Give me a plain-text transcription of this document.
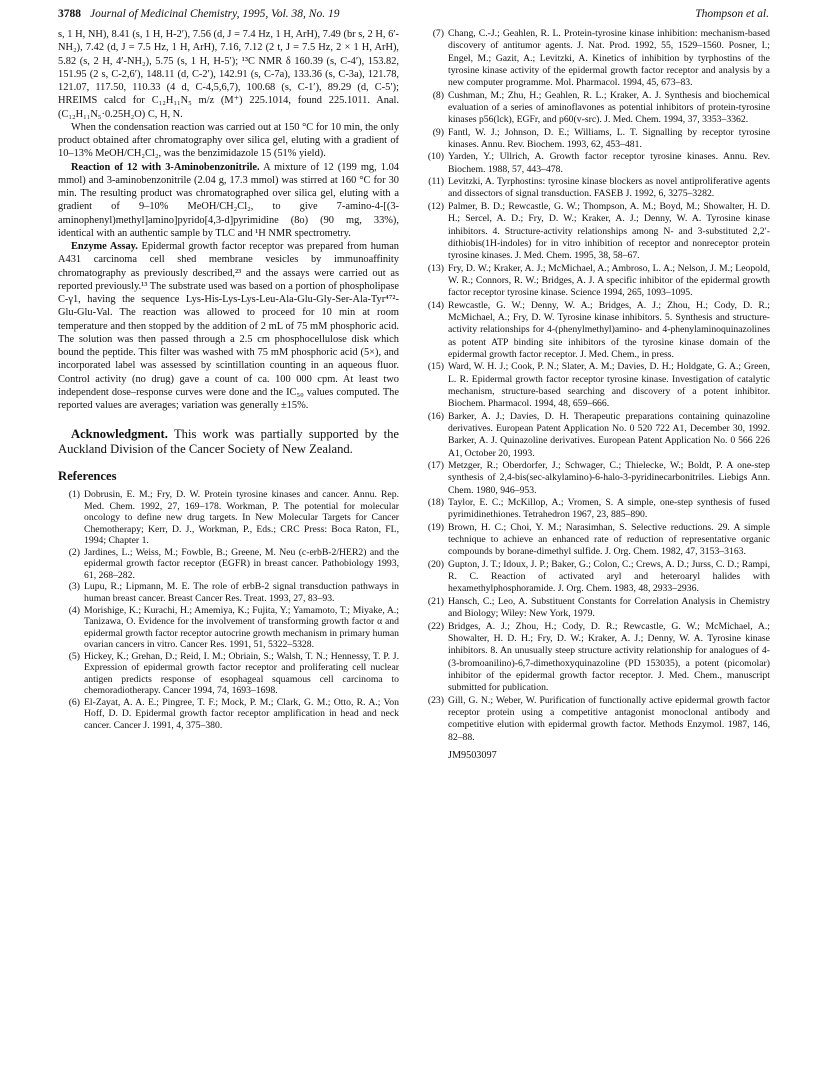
3788 Journal of Medicinal Chemistry, 1995, Vol. 38, No. 19	Thompson et al.

s, 1 H, NH), 8.41 (s, 1 H, H-2′), 7.56 (d, J = 7.4 Hz, 1 H, ArH), 7.49 (br s, 2 H, 6′-NH₂), 7.42 (d, J = 7.5 Hz, 1 H, ArH), 7.16, 7.12 (2 t, J = 7.5 Hz, 2 × 1 H, ArH), 5.82 (s, 2 H, 4′-NH₂), 5.75 (s, 1 H, H-5′); ¹³C NMR δ 160.39 (s, C-4′), 153.82, 151.95 (2 s, C-2,6′), 148.11 (d, C-2′), 142.91 (s, C-7a), 133.36 (s, C-3a), 121.78, 121.07, 117.50, 110.33 (4 d, C-4,5,6,7), 100.68 (s, C-1′), 89.29 (d, C-5′); HREIMS calcd for C₁₂H₁₁N₅ m/z (M⁺) 225.1014, found 225.1011. Anal. (C₁₂H₁₁N₅·0.25H₂O) C, H, N.

When the condensation reaction was carried out at 150 °C for 10 min, the only product obtained after chromatography over silica gel, eluting with a gradient of 10–13% MeOH/CH₂Cl₂, was the benzimidazole 15 (51% yield).

Reaction of 12 with 3-Aminobenzonitrile. A mixture of 12 (199 mg, 1.04 mmol) and 3-aminobenzonitrile (2.04 g, 17.3 mmol) was stirred at 160 °C for 30 min. The resulting product was chromatographed over silica gel, eluting with a gradient of 9–10% MeOH/CH₂Cl₂, to give 7-amino-4-[(3-aminophenyl)methyl]amino]pyrido[4,3-d]pyrimidine (8o) (90 mg, 33%), identical with an authentic sample by TLC and ¹H NMR spectrometry.

Enzyme Assay. Epidermal growth factor receptor was prepared from human A431 carcinoma cell shed membrane vesicles by immunoaffinity chromatography as previously described,²³ and the assays were carried out as reported previously.¹³ The substrate used was based on a portion of phospholipase C-γ1, having the sequence Lys-His-Lys-Lys-Leu-Ala-Glu-Gly-Ser-Ala-Tyr⁴⁷²-Glu-Glu-Val. The reaction was allowed to proceed for 10 min at room temperature and then stopped by the addition of 2 mL of 75 mM phosphoric acid. The solution was then passed through a 2.5 cm phosphocellulose disk which bound the peptide. This filter was washed with 75 mM phosphoric acid (5×), and incorporated label was assessed by scintillation counting in an aqueous fluor. Control activity (no drug) gave a count of ca. 100 000 cpm. At least two independent dose–response curves were done and the IC₅₀ values computed. The reported values are averages; variation was generally ±15%.

Acknowledgment. This work was partially supported by the Auckland Division of the Cancer Society of New Zealand.

References
(1) Dobrusin, E. M.; Fry, D. W. Protein tyrosine kinases and cancer. Annu. Rep. Med. Chem. 1992, 27, 169–178. Workman, P. The potential for molecular oncology to define new drug targets. In New Molecular Targets for Cancer Chemotherapy; Kerr, D. J., Workman, P., Eds.; CRC Press: Boca Raton, FL, 1994; Chapter 1.
(2) Jardines, L.; Weiss, M.; Fowble, B.; Greene, M. Neu (c-erbB-2/HER2) and the epidermal growth factor receptor (EGFR) in breast cancer. Pathobiology 1993, 61, 268–282.
(3) Lupu, R.; Lipmann, M. E. The role of erbB-2 signal transduction pathways in human breast cancer. Breast Cancer Res. Treat. 1993, 27, 83–93.
(4) Morishige, K.; Kurachi, H.; Amemiya, K.; Fujita, Y.; Yamamoto, T.; Miyake, A.; Tanizawa, O. Evidence for the involvement of transforming growth factor α and epidermal growth factor receptor autocrine growth mechanism in primary human ovarian cancers in vitro. Cancer Res. 1991, 51, 5322–5328.
(5) Hickey, K.; Grehan, D.; Reid, I. M.; Obriain, S.; Walsh, T. N.; Hennessy, T. P. J. Expression of epidermal growth factor receptor and proliferating cell nuclear antigen predicts response of esophageal squamous cell carcinoma to chemoradiotherapy. Cancer 1994, 74, 1693–1698.
(6) El-Zayat, A. A. E.; Pingree, T. F.; Mock, P. M.; Clark, G. M.; Otto, R. A.; Von Hoff, D. D. Epidermal growth factor receptor amplification in head and neck cancer. Cancer J. 1991, 4, 375–380.
(7) Chang, C.-J.; Geahlen, R. L. Protein-tyrosine kinase inhibition: mechanism-based discovery of antitumor agents. J. Nat. Prod. 1992, 55, 1529–1560. Posner, I.; Engel, M.; Gazit, A.; Levitzki, A. Kinetics of inhibition by tyrphostins of the tyrosine kinase activity of the epidermal growth factor receptor and analysis by a new computer programme. Mol. Pharmacol. 1994, 45, 673–83.
(8) Cushman, M.; Zhu, H.; Geahlen, R. L.; Kraker, A. J. Synthesis and biochemical evaluation of a series of aminoflavones as potential inhibitors of protein-tyrosine kinases p56(lck), EGFr, and p60(v-src). J. Med. Chem. 1994, 37, 3353–3362.
(9) Fantl, W. J.; Johnson, D. E.; Williams, L. T. Signalling by receptor tyrosine kinases. Annu. Rev. Biochem. 1993, 62, 453–481.
(10) Yarden, Y.; Ullrich, A. Growth factor receptor tyrosine kinases. Annu. Rev. Biochem. 1988, 57, 443–478.
(11) Levitzki, A. Tyrphostins: tyrosine kinase blockers as novel antiproliferative agents and dissectors of signal transduction. FASEB J. 1992, 6, 3275–3282.
(12) Palmer, B. D.; Rewcastle, G. W.; Thompson, A. M.; Boyd, M.; Showalter, H. D. H.; Sercel, A. D.; Fry, D. W.; Kraker, A. J.; Denny, W. A. Tyrosine kinase inhibitors. 4. Structure-activity relationships among N- and 3-substituted 2,2′-dithiobis(1H-indoles) for in vitro inhibition of receptor and nonreceptor protein tyrosine kinases. J. Med. Chem. 1995, 38, 58–67.
(13) Fry, D. W.; Kraker, A. J.; McMichael, A.; Ambroso, L. A.; Nelson, J. M.; Leopold, W. R.; Connors, R. W.; Bridges, A. J. A specific inhibitor of the epidermal growth factor receptor tyrosine kinase. Science 1994, 265, 1093–1095.
(14) Rewcastle, G. W.; Denny, W. A.; Bridges, A. J.; Zhou, H.; Cody, D. R.; McMichael, A.; Fry, D. W. Tyrosine kinase inhibitors. 5. Synthesis and structure-activity relationships for 4-(phenylmethyl)amino- and 4-phenylaminoquinazolines as potent ATP binding site inhibitors of the tyrosine kinase domain of the epidermal growth factor receptor. J. Med. Chem., in press.
(15) Ward, W. H. J.; Cook, P. N.; Slater, A. M.; Davies, D. H.; Holdgate, G. A.; Green, L. R. Epidermal growth factor receptor tyrosine kinase. Investigation of catalytic mechanism, structure-based searching and discovery of a potent inhibitor. Biochem. Pharmacol. 1994, 48, 659–666.
(16) Barker, A. J.; Davies, D. H. Therapeutic preparations containing quinazoline derivatives. European Patent Application No. 0 520 722 A1, December 30, 1992. Barker, A. J. Quinazoline derivatives. European Patent Application No. 0 566 226 A1, October 20, 1993.
(17) Metzger, R.; Oberdorfer, J.; Schwager, C.; Thielecke, W.; Boldt, P. A one-step synthesis of 2,4-bis(sec-alkylamino)-6-halo-3-pyridinecarbonitriles. Liebigs Ann. Chem. 1980, 946–953.
(18) Taylor, E. C.; McKillop, A.; Vromen, S. A simple, one-step synthesis of fused pyrimidinethiones. Tetrahedron 1967, 23, 885–890.
(19) Brown, H. C.; Choi, Y. M.; Narasimhan, S. Selective reductions. 29. A simple technique to achieve an enhanced rate of reduction of representative organic compounds by borane-dimethyl sulfide. J. Org. Chem. 1982, 47, 3153–3163.
(20) Gupton, J. T.; Idoux, J. P.; Baker, G.; Colon, C.; Crews, A. D.; Jurss, C. D.; Rampi, R. C. Reaction of activated aryl and heteroaryl halides with hexamethylphosphoramide. J. Org. Chem. 1983, 48, 2933–2936.
(21) Hansch, C.; Leo, A. Substituent Constants for Correlation Analysis in Chemistry and Biology; Wiley: New York, 1979.
(22) Bridges, A. J.; Zhou, H.; Cody, D. R.; Rewcastle, G. W.; McMichael, A.; Showalter, H. D. H.; Fry, D. W.; Kraker, A. J.; Denny, W. A. Tyrosine kinase inhibitors. 8. An unusually steep structure activity relationship for analogues of 4-(3-bromoanilino)-6,7-dimethoxyquinazoline (PD 153035), a potent (picomolar) inhibitor of the epidermal growth factor receptor. J. Med. Chem., manuscript submitted for publication.
(23) Gill, G. N.; Weber, W. Purification of functionally active epidermal growth factor receptor protein using a competitive antagonist monoclonal antibody and competitive elution with epidermal growth factor. Methods Enzymol. 1987, 146, 82–88.
JM9503097
